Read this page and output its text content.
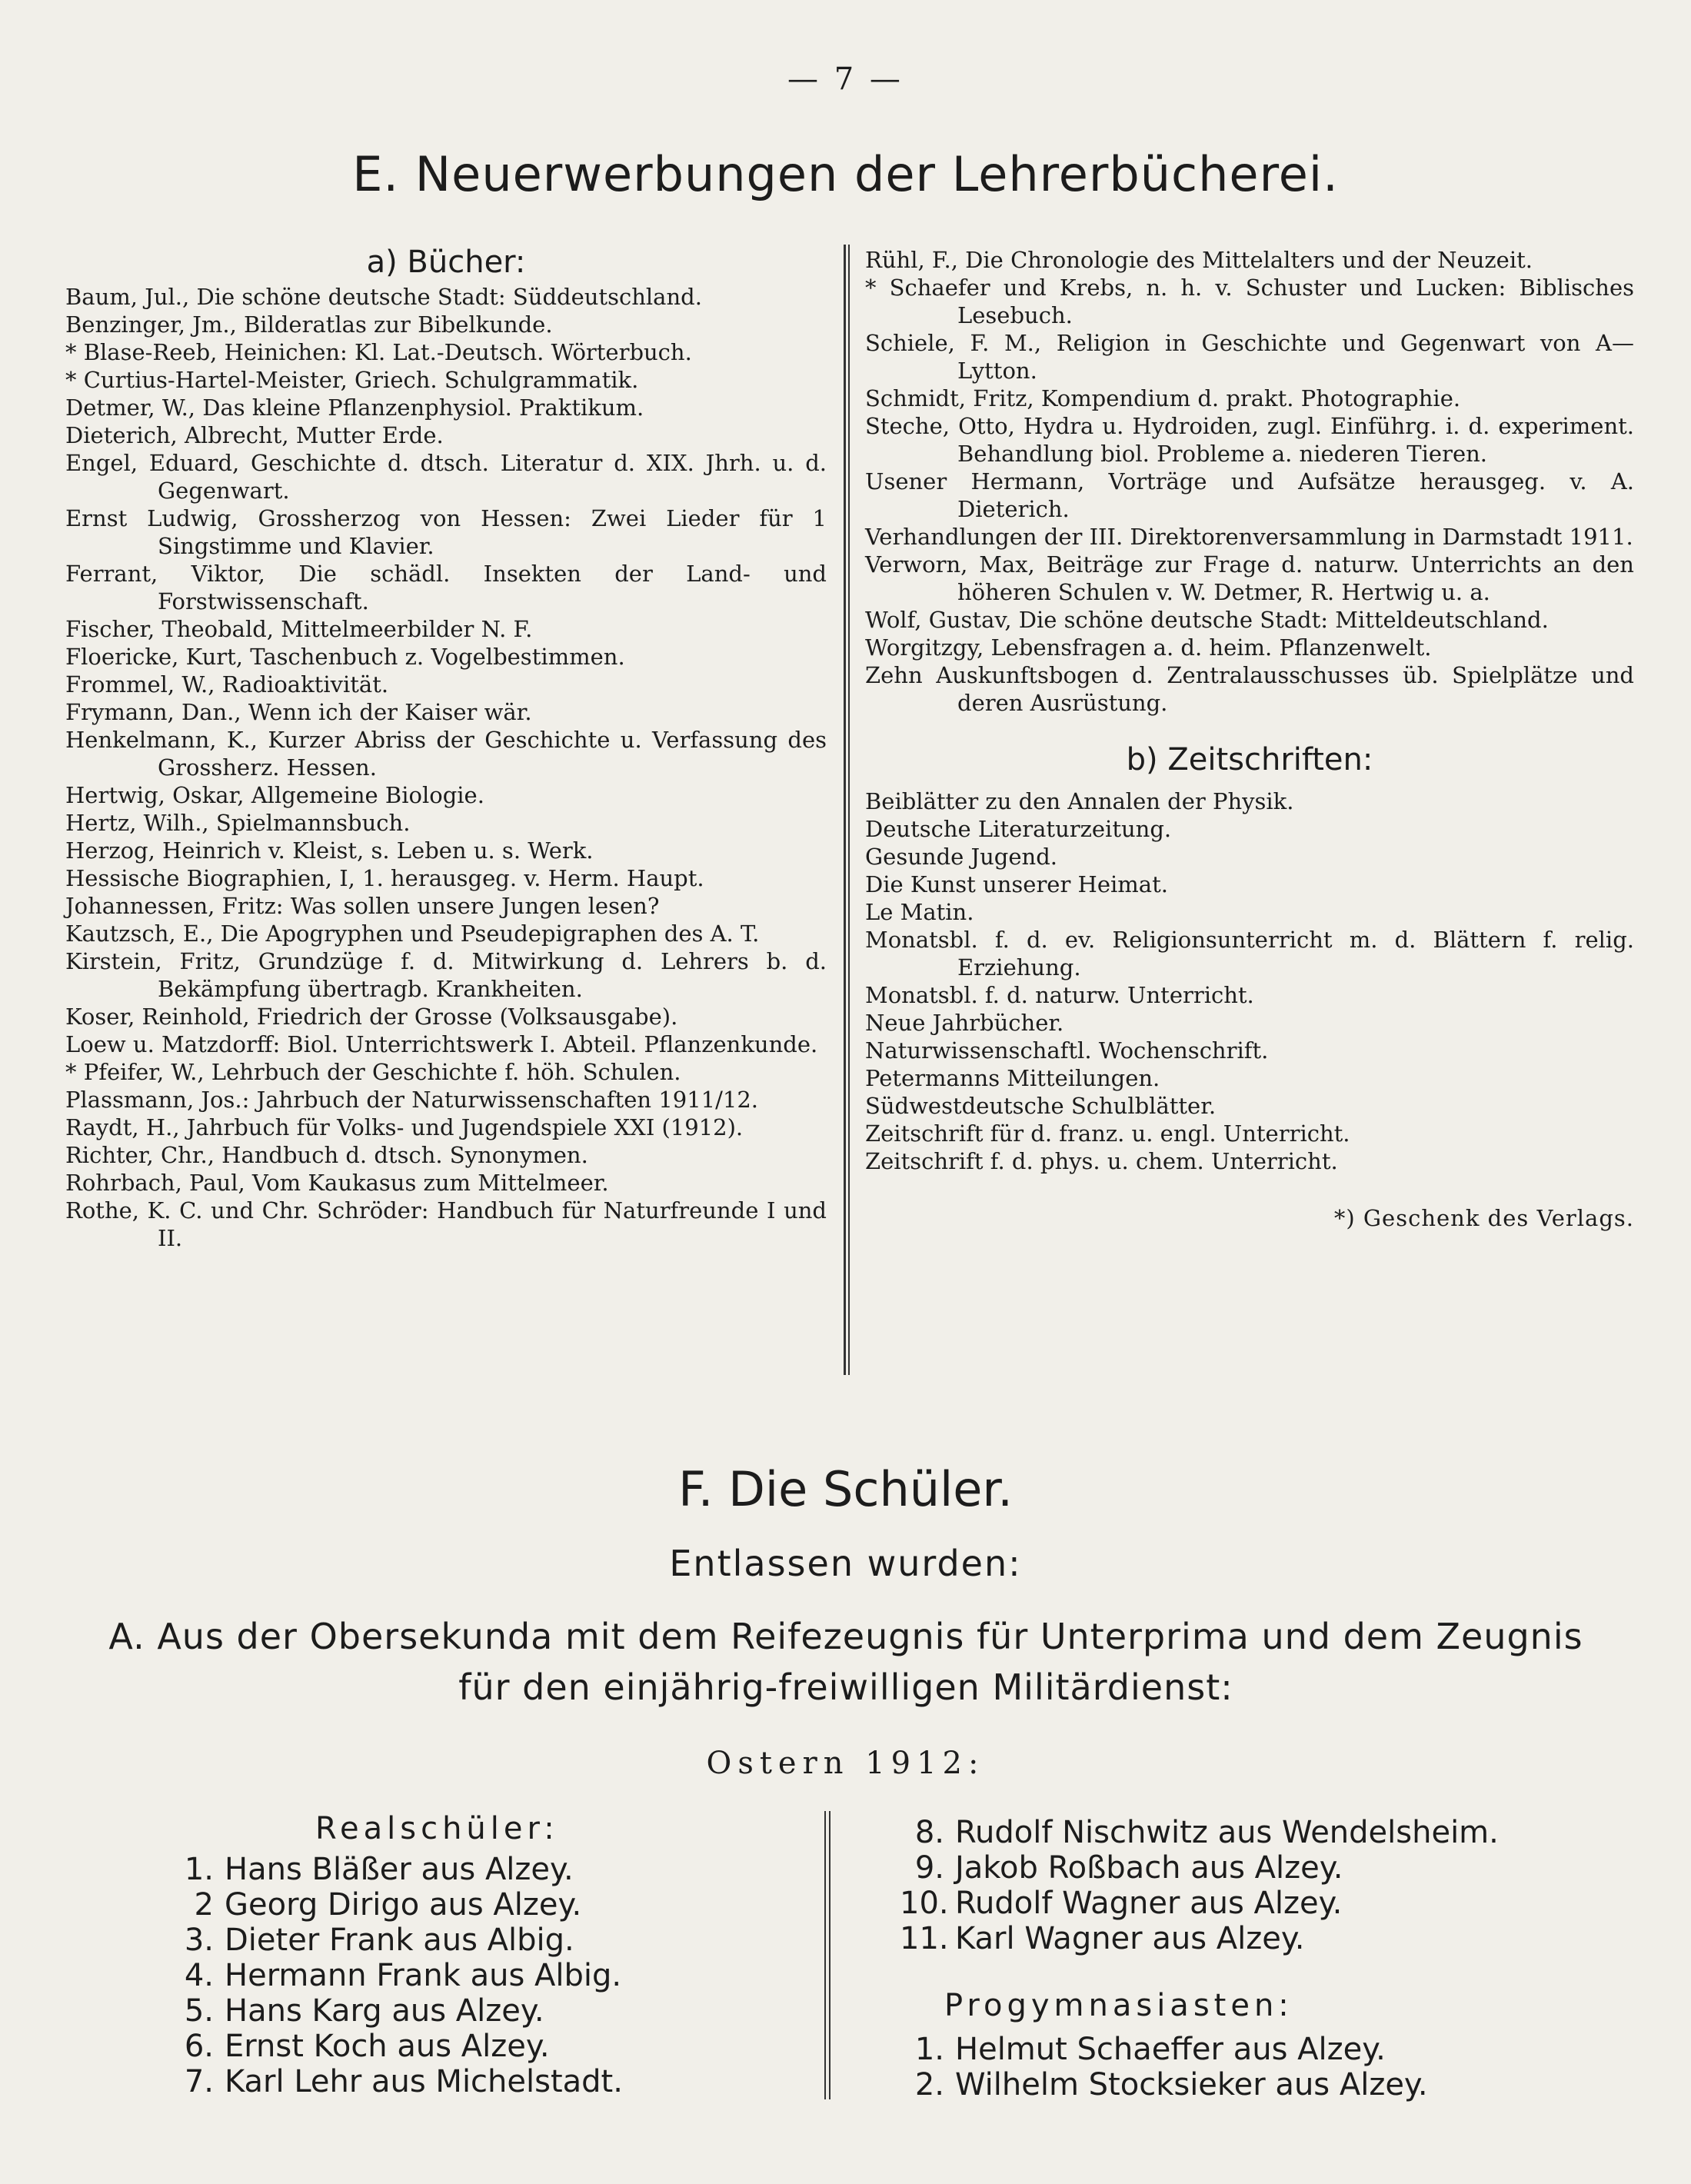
— 7 —
E. Neuerwerbungen der Lehrerbücherei.
a) Bücher:
Baum, Jul., Die schöne deutsche Stadt: Süddeutschland.
Benzinger, Jm., Bilderatlas zur Bibelkunde.
* Blase-Reeb, Heinichen: Kl. Lat.-Deutsch. Wörterbuch.
* Curtius-Hartel-Meister, Griech. Schulgrammatik.
Detmer, W., Das kleine Pflanzenphysiol. Praktikum.
Dieterich, Albrecht, Mutter Erde.
Engel, Eduard, Geschichte d. dtsch. Literatur d. XIX. Jhrh. u. d. Gegenwart.
Ernst Ludwig, Grossherzog von Hessen: Zwei Lieder für 1 Singstimme und Klavier.
Ferrant, Viktor, Die schädl. Insekten der Land- und Forstwissenschaft.
Fischer, Theobald, Mittelmeerbilder N. F.
Floericke, Kurt, Taschenbuch z. Vogelbestimmen.
Frommel, W., Radioaktivität.
Frymann, Dan., Wenn ich der Kaiser wär.
Henkelmann, K., Kurzer Abriss der Geschichte u. Verfassung des Grossherz. Hessen.
Hertwig, Oskar, Allgemeine Biologie.
Hertz, Wilh., Spielmannsbuch.
Herzog, Heinrich v. Kleist, s. Leben u. s. Werk.
Hessische Biographien, I, 1. herausgeg. v. Herm. Haupt.
Johannessen, Fritz: Was sollen unsere Jungen lesen?
Kautzsch, E., Die Apogryphen und Pseudepigraphen des A. T.
Kirstein, Fritz, Grundzüge f. d. Mitwirkung d. Lehrers b. d. Bekämpfung übertragb. Krankheiten.
Koser, Reinhold, Friedrich der Grosse (Volksausgabe).
Loew u. Matzdorff: Biol. Unterrichtswerk I. Abteil. Pflanzenkunde.
* Pfeifer, W., Lehrbuch der Geschichte f. höh. Schulen.
Plassmann, Jos.: Jahrbuch der Naturwissenschaften 1911/12.
Raydt, H., Jahrbuch für Volks- und Jugendspiele XXI (1912).
Richter, Chr., Handbuch d. dtsch. Synonymen.
Rohrbach, Paul, Vom Kaukasus zum Mittelmeer.
Rothe, K. C. und Chr. Schröder: Handbuch für Naturfreunde I und II.
Rühl, F., Die Chronologie des Mittelalters und der Neuzeit.
* Schaefer und Krebs, n. h. v. Schuster und Lucken: Biblisches Lesebuch.
Schiele, F. M., Religion in Geschichte und Gegenwart von A—Lytton.
Schmidt, Fritz, Kompendium d. prakt. Photographie.
Steche, Otto, Hydra u. Hydroiden, zugl. Einführg. i. d. experiment. Behandlung biol. Probleme a. niederen Tieren.
Usener Hermann, Vorträge und Aufsätze herausgeg. v. A. Dieterich.
Verhandlungen der III. Direktorenversammlung in Darmstadt 1911.
Verworn, Max, Beiträge zur Frage d. naturw. Unterrichts an den höheren Schulen v. W. Detmer, R. Hertwig u. a.
Wolf, Gustav, Die schöne deutsche Stadt: Mitteldeutschland.
Worgitzgy, Lebensfragen a. d. heim. Pflanzenwelt.
Zehn Auskunftsbogen d. Zentralausschusses üb. Spielplätze und deren Ausrüstung.
b) Zeitschriften:
Beiblätter zu den Annalen der Physik.
Deutsche Literaturzeitung.
Gesunde Jugend.
Die Kunst unserer Heimat.
Le Matin.
Monatsbl. f. d. ev. Religionsunterricht m. d. Blättern f. relig. Erziehung.
Monatsbl. f. d. naturw. Unterricht.
Neue Jahrbücher.
Naturwissenschaftl. Wochenschrift.
Petermanns Mitteilungen.
Südwestdeutsche Schulblätter.
Zeitschrift für d. franz. u. engl. Unterricht.
Zeitschrift f. d. phys. u. chem. Unterricht.
*) Geschenk des Verlags.
F. Die Schüler.
Entlassen wurden:
A. Aus der Obersekunda mit dem Reifezeugnis für Unterprima und dem Zeugnis
für den einjährig-freiwilligen Militärdienst:
Ostern 1912:
Realschüler:
1. Hans Bläßer aus Alzey.
2 Georg Dirigo aus Alzey.
3. Dieter Frank aus Albig.
4. Hermann Frank aus Albig.
5. Hans Karg aus Alzey.
6. Ernst Koch aus Alzey.
7. Karl Lehr aus Michelstadt.
8. Rudolf Nischwitz aus Wendelsheim.
9. Jakob Roßbach aus Alzey.
10. Rudolf Wagner aus Alzey.
11. Karl Wagner aus Alzey.
Progymnasiasten:
1. Helmut Schaeffer aus Alzey.
2. Wilhelm Stocksieker aus Alzey.
